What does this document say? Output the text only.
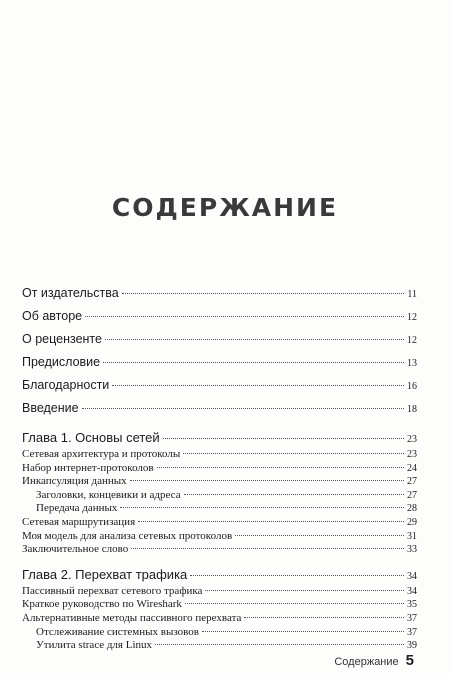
СОДЕРЖАНИЕ
От издательства	11
Об авторе	12
О рецензенте	12
Предисловие	13
Благодарности	16
Введение	18
Глава 1. Основы сетей	23
Сетевая архитектура и протоколы	23
Набор интернет-протоколов	24
Инкапсуляция данных	27
Заголовки, концевики и адреса	27
Передача данных	28
Сетевая маршрутизация	29
Моя модель для анализа сетевых протоколов	31
Заключительное слово	33
Глава 2. Перехват трафика	34
Пассивный перехват сетевого трафика	34
Краткое руководство по Wireshark	35
Альтернативные методы пассивного перехвата	37
Отслеживание системных вызовов	37
Утилита strace для Linux	39
Содержание 5
